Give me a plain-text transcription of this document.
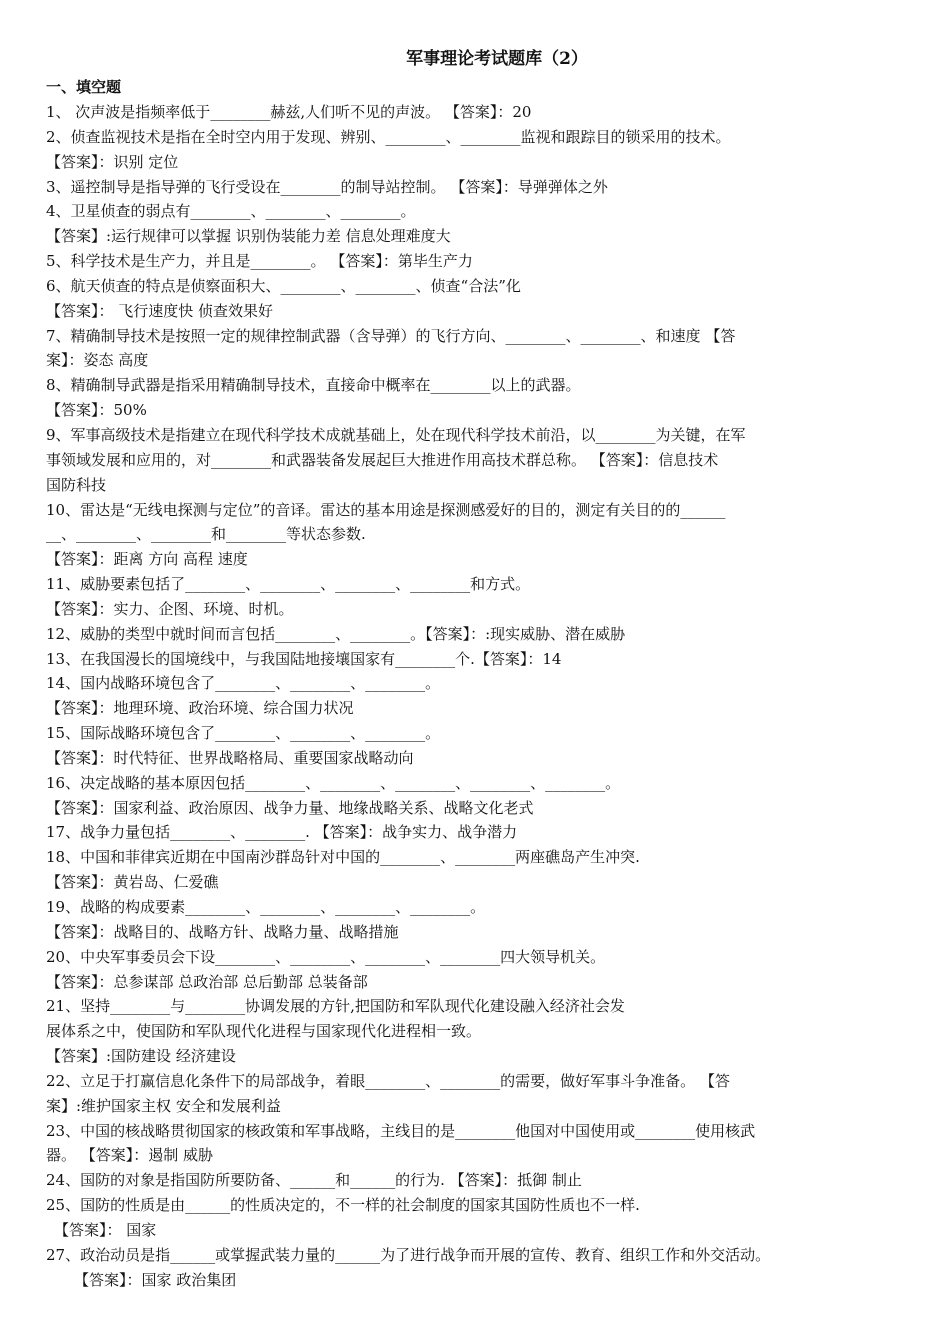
军事理论考试题库（2）
一、填空题
1、 次声波是指频率低于________赫兹,人们听不见的声波。 【答案】：20
2、侦查监视技术是指在全时空内用于发现、辨别、________、________监视和跟踪目的锁采用的技术。
【答案】：识别 定位
3、遥控制导是指导弹的飞行受设在________的制导站控制。 【答案】：导弹弹体之外
4、卫星侦查的弱点有________、________、________。
【答案】:运行规律可以掌握 识别伪装能力差 信息处理难度大
5、科学技术是生产力，并且是________。 【答案】：第毕生产力
6、航天侦查的特点是侦察面积大、________、________、侦查“合法”化
【答案】： 飞行速度快 侦查效果好
7、精确制导技术是按照一定的规律控制武器（含导弹）的飞行方向、________、________、和速度 【答
案】：姿态 高度
8、精确制导武器是指采用精确制导技术，直接命中概率在________以上的武器。
【答案】：50%
9、军事高级技术是指建立在现代科学技术成就基础上，处在现代科学技术前沿，以________为关键，在军
事领域发展和应用的，对________和武器装备发展起巨大推进作用高技术群总称。 【答案】：信息技术
国防科技
10、雷达是“无线电探测与定位”的音译。雷达的基本用途是探测感爱好的目的，测定有关目的的______
__、________、________和________等状态参数.
【答案】：距离 方向 高程 速度
11、威胁要素包括了________、________、________、________和方式。
【答案】：实力、企图、环境、时机。
12、威胁的类型中就时间而言包括________、________。【答案】：:现实威胁、潜在威胁
13、在我国漫长的国境线中，与我国陆地接壤国家有________个.【答案】：14
14、国内战略环境包含了________、________、________。
【答案】：地理环境、政治环境、综合国力状况
15、国际战略环境包含了________、________、________。
【答案】：时代特征、世界战略格局、重要国家战略动向
16、决定战略的基本原因包括________、________、________、________、________。
【答案】：国家利益、政治原因、战争力量、地缘战略关系、战略文化老式
17、战争力量包括________、________. 【答案】：战争实力、战争潜力
18、中国和菲律宾近期在中国南沙群岛针对中国的________、________两座礁岛产生冲突.
【答案】：黄岩岛、仁爱礁
19、战略的构成要素________、________、________、________。
【答案】：战略目的、战略方针、战略力量、战略措施
20、中央军事委员会下设________、________、________、________四大领导机关。
【答案】：总参谋部 总政治部 总后勤部 总装备部
21、坚持________与________协调发展的方针,把国防和军队现代化建设融入经济社会发
展体系之中，使国防和军队现代化进程与国家现代化进程相一致。
【答案】:国防建设 经济建设
22、立足于打赢信息化条件下的局部战争，着眼________、________的需要，做好军事斗争准备。 【答
案】:维护国家主权 安全和发展利益
23、中国的核战略贯彻国家的核政策和军事战略，主线目的是________他国对中国使用或________使用核武
器。 【答案】：遏制 威胁
24、国防的对象是指国防所要防备、______和______的行为. 【答案】：抵御 制止
25、国防的性质是由______的性质决定的，不一样的社会制度的国家其国防性质也不一样.
【答案】： 国家
27、政治动员是指______或掌握武装力量的______为了进行战争而开展的宣传、教育、组织工作和外交活动。
【答案】：国家 政治集团
